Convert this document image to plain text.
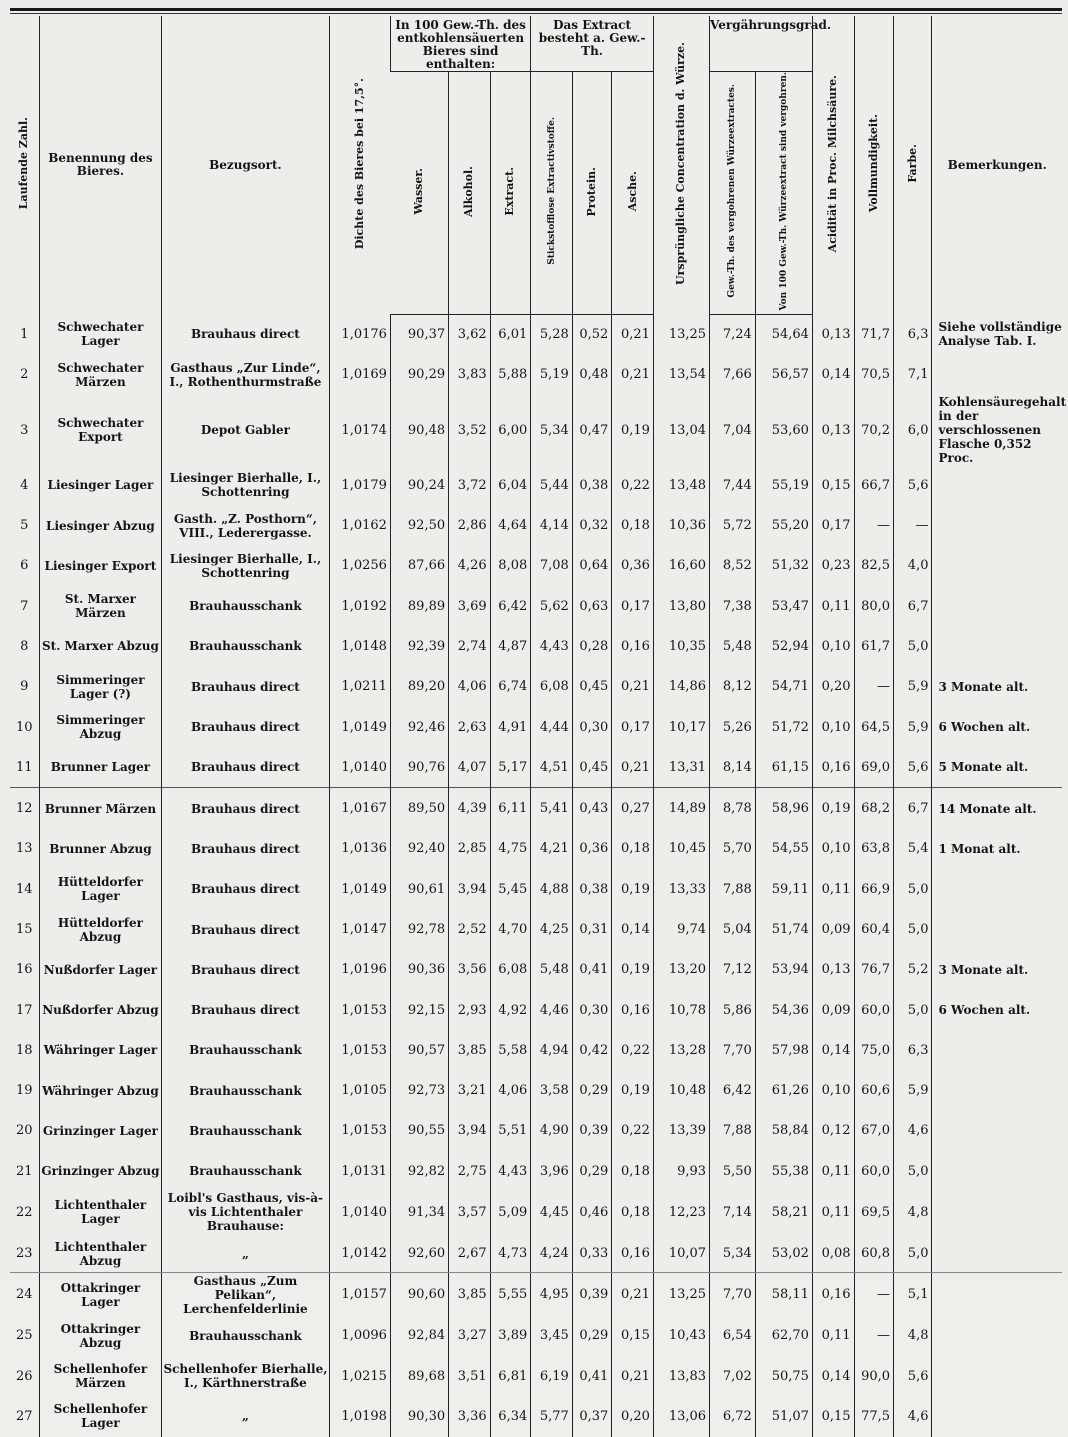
Laufende Zahl.	Benennung des Bieres.	Bezugsort.	Dichte des Bieres bei 17,5°.	In 100 Gew.-Th. des entkohlensäuerten Bieres sind enthalten:			Das Extract besteht a. Gew.-Th.			Ursprüngliche Concentration d. Würze.	Vergährungsgrad.		Acidität in Proc. Milchsäure.	Vollmundigkeit.	Farbe.	Bemerkungen.
				Wasser.	Alkohol.	Extract.	Stickstofflose Extractivstoffe.	Protein.	Asche.		Gew.-Th. des vergohrenen Würzeextractes.	Von 100 Gew.-Th. Würzeextract sind vergohren.				
1	Schwechater Lager	Brauhaus direct	1,0176	90,37	3,62	6,01	5,28	0,52	0,21	13,25	7,24	54,64	0,13	71,7	6,3	Siehe vollständige Analyse Tab. I.
2	Schwechater Märzen	Gasthaus „Zur Linde“, I., Rothenthurmstraße	1,0169	90,29	3,83	5,88	5,19	0,48	0,21	13,54	7,66	56,57	0,14	70,5	7,1	
3	Schwechater Export	Depot Gabler	1,0174	90,48	3,52	6,00	5,34	0,47	0,19	13,04	7,04	53,60	0,13	70,2	6,0	Kohlensäuregehalt in der verschlossenen Flasche 0,352 Proc.
4	Liesinger Lager	Liesinger Bierhalle, I., Schottenring	1,0179	90,24	3,72	6,04	5,44	0,38	0,22	13,48	7,44	55,19	0,15	66,7	5,6	
5	Liesinger Abzug	Gasth. „Z. Posthorn“, VIII., Lederergasse.	1,0162	92,50	2,86	4,64	4,14	0,32	0,18	10,36	5,72	55,20	0,17	—	—	
6	Liesinger Export	Liesinger Bierhalle, I., Schottenring	1,0256	87,66	4,26	8,08	7,08	0,64	0,36	16,60	8,52	51,32	0,23	82,5	4,0	
7	St. Marxer Märzen	Brauhausschank	1,0192	89,89	3,69	6,42	5,62	0,63	0,17	13,80	7,38	53,47	0,11	80,0	6,7	
8	St. Marxer Abzug	Brauhausschank	1,0148	92,39	2,74	4,87	4,43	0,28	0,16	10,35	5,48	52,94	0,10	61,7	5,0	
9	Simmeringer Lager (?)	Brauhaus direct	1,0211	89,20	4,06	6,74	6,08	0,45	0,21	14,86	8,12	54,71	0,20	—	5,9	3 Monate alt.
10	Simmeringer Abzug	Brauhaus direct	1,0149	92,46	2,63	4,91	4,44	0,30	0,17	10,17	5,26	51,72	0,10	64,5	5,9	6 Wochen alt.
11	Brunner Lager	Brauhaus direct	1,0140	90,76	4,07	5,17	4,51	0,45	0,21	13,31	8,14	61,15	0,16	69,0	5,6	5 Monate alt.
12	Brunner Märzen	Brauhaus direct	1,0167	89,50	4,39	6,11	5,41	0,43	0,27	14,89	8,78	58,96	0,19	68,2	6,7	14 Monate alt.
13	Brunner Abzug	Brauhaus direct	1,0136	92,40	2,85	4,75	4,21	0,36	0,18	10,45	5,70	54,55	0,10	63,8	5,4	1 Monat alt.
14	Hütteldorfer Lager	Brauhaus direct	1,0149	90,61	3,94	5,45	4,88	0,38	0,19	13,33	7,88	59,11	0,11	66,9	5,0	
15	Hütteldorfer Abzug	Brauhaus direct	1,0147	92,78	2,52	4,70	4,25	0,31	0,14	9,74	5,04	51,74	0,09	60,4	5,0	
16	Nußdorfer Lager	Brauhaus direct	1,0196	90,36	3,56	6,08	5,48	0,41	0,19	13,20	7,12	53,94	0,13	76,7	5,2	3 Monate alt.
17	Nußdorfer Abzug	Brauhaus direct	1,0153	92,15	2,93	4,92	4,46	0,30	0,16	10,78	5,86	54,36	0,09	60,0	5,0	6 Wochen alt.
18	Währinger Lager	Brauhausschank	1,0153	90,57	3,85	5,58	4,94	0,42	0,22	13,28	7,70	57,98	0,14	75,0	6,3	
19	Währinger Abzug	Brauhausschank	1,0105	92,73	3,21	4,06	3,58	0,29	0,19	10,48	6,42	61,26	0,10	60,6	5,9	
20	Grinzinger Lager	Brauhausschank	1,0153	90,55	3,94	5,51	4,90	0,39	0,22	13,39	7,88	58,84	0,12	67,0	4,6	
21	Grinzinger Abzug	Brauhausschank	1,0131	92,82	2,75	4,43	3,96	0,29	0,18	9,93	5,50	55,38	0,11	60,0	5,0	
22	Lichtenthaler Lager	Loibl's Gasthaus, vis-à-vis Lichtenthaler Brauhause:	1,0140	91,34	3,57	5,09	4,45	0,46	0,18	12,23	7,14	58,21	0,11	69,5	4,8	
23	Lichtenthaler Abzug	„	1,0142	92,60	2,67	4,73	4,24	0,33	0,16	10,07	5,34	53,02	0,08	60,8	5,0	
24	Ottakringer Lager	Gasthaus „Zum Pelikan“, Lerchenfelderlinie	1,0157	90,60	3,85	5,55	4,95	0,39	0,21	13,25	7,70	58,11	0,16	—	5,1	
25	Ottakringer Abzug	Brauhausschank	1,0096	92,84	3,27	3,89	3,45	0,29	0,15	10,43	6,54	62,70	0,11	—	4,8	
26	Schellenhofer Märzen	Schellenhofer Bierhalle, I., Kärthnerstraße	1,0215	89,68	3,51	6,81	6,19	0,41	0,21	13,83	7,02	50,75	0,14	90,0	5,6	
27	Schellenhofer Lager	„	1,0198	90,30	3,36	6,34	5,77	0,37	0,20	13,06	6,72	51,07	0,15	77,5	4,6	
